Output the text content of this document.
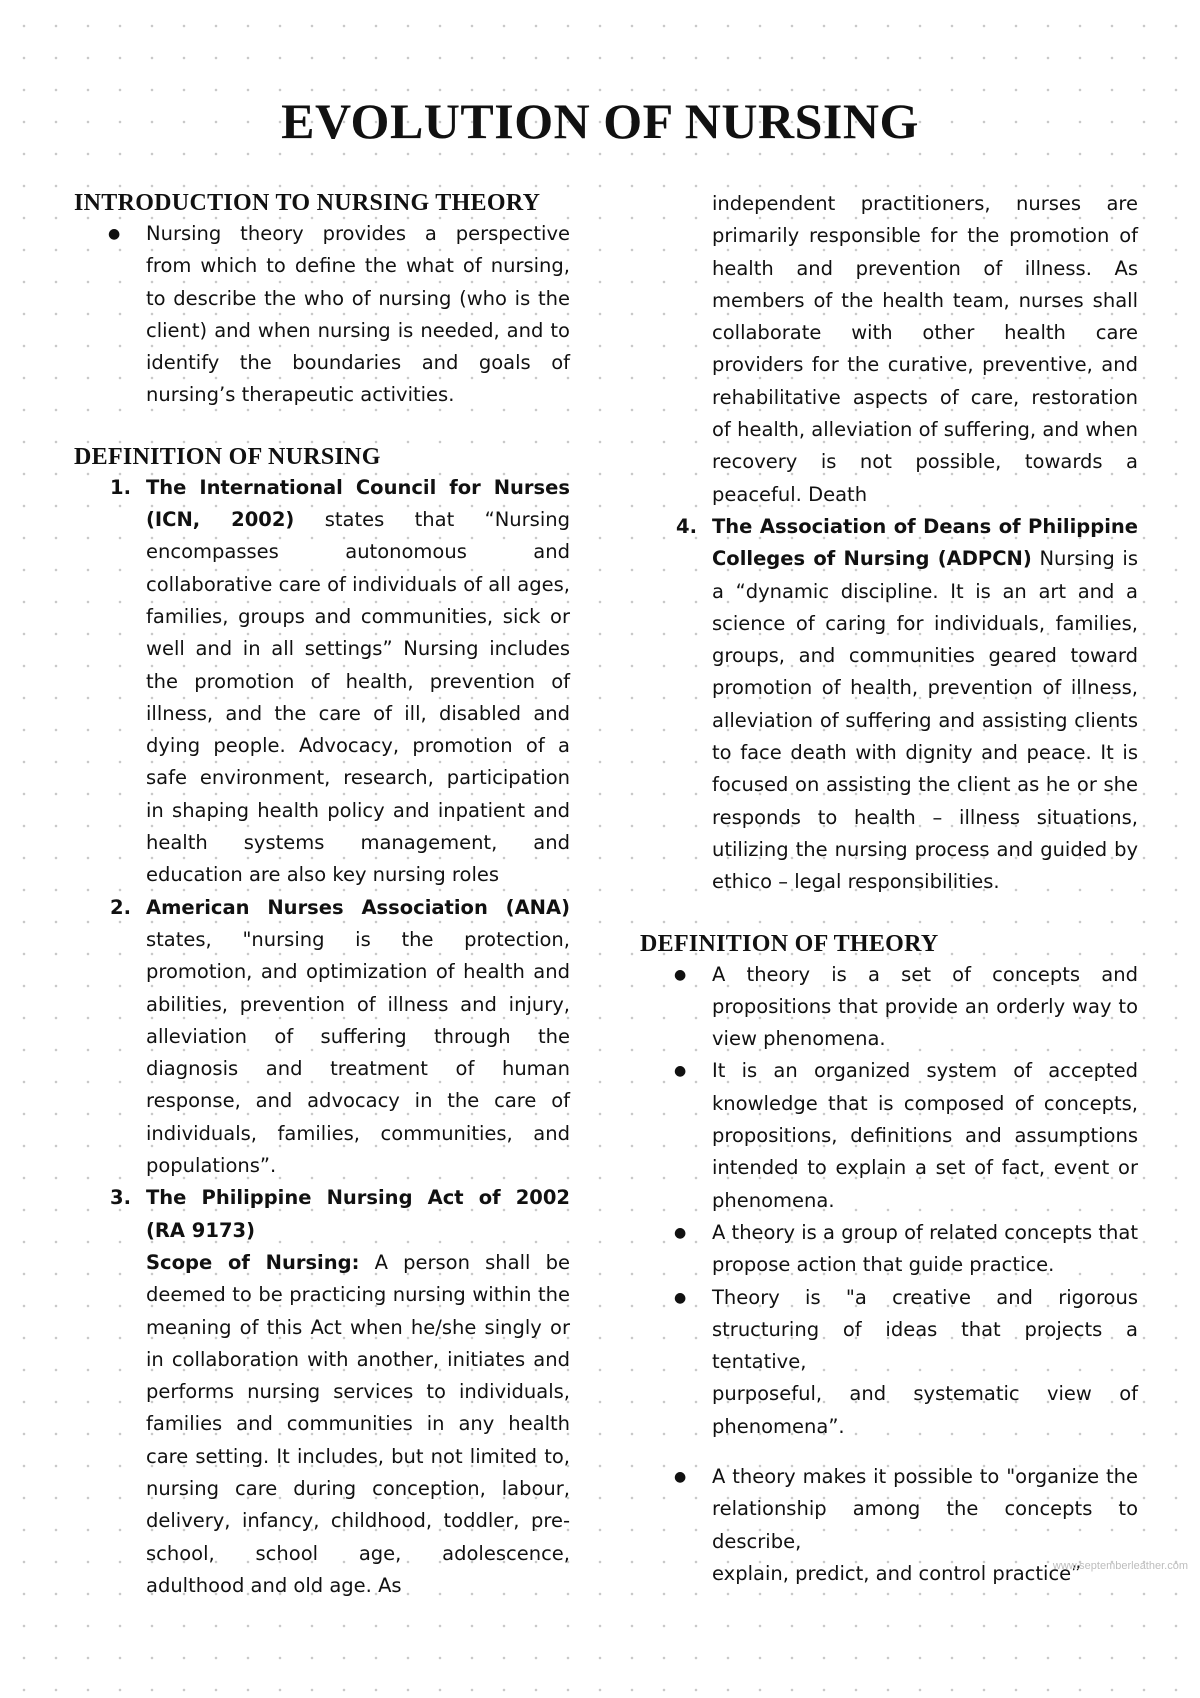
EVOLUTION OF NURSING
INTRODUCTION TO NURSING THEORY
● Nursing theory provides a perspective from which to define the what of nursing, to describe the who of nursing (who is the client) and when nursing is needed, and to identify the boundaries and goals of nursing’s therapeutic activities.
DEFINITION OF NURSING
1. The International Council for Nurses (ICN, 2002) states that “Nursing encompasses autonomous and collaborative care of individuals of all ages, families, groups and communities, sick or well and in all settings” Nursing includes the promotion of health, prevention of illness, and the care of ill, disabled and dying people. Advocacy, promotion of a safe environment, research, participation in shaping health policy and inpatient and health systems management, and education are also key nursing roles
2. American Nurses Association (ANA) states, "nursing is the protection, promotion, and optimization of health and abilities, prevention of illness and injury, alleviation of suffering through the diagnosis and treatment of human response, and advocacy in the care of individuals, families, communities, and populations”.
3. The Philippine Nursing Act of 2002 (RA 9173)
Scope of Nursing: A person shall be deemed to be practicing nursing within the meaning of this Act when he/she singly or in collaboration with another, initiates and performs nursing services to individuals, families and communities in any health care setting. It includes, but not limited to, nursing care during conception, labour, delivery, infancy, childhood, toddler, pre-school, school age, adolescence, adulthood and old age. As

independent practitioners, nurses are primarily responsible for the promotion of health and prevention of illness. As members of the health team, nurses shall collaborate with other health care providers for the curative, preventive, and rehabilitative aspects of care, restoration of health, alleviation of suffering, and when recovery is not possible, towards a peaceful. Death

4. The Association of Deans of Philippine Colleges of Nursing (ADPCN) Nursing is a “dynamic discipline. It is an art and a science of caring for individuals, families, groups, and communities geared toward promotion of health, prevention of illness, alleviation of suffering and assisting clients to face death with dignity and peace. It is focused on assisting the client as he or she responds to health – illness situations, utilizing the nursing process and guided by ethico – legal responsibilities.
DEFINITION OF THEORY
● A theory is a set of concepts and propositions that provide an orderly way to view phenomena.
● It is an organized system of accepted knowledge that is composed of concepts, propositions, definitions and assumptions intended to explain a set of fact, event or phenomena.
● A theory is a group of related concepts that propose action that guide practice.
● Theory is "a creative and rigorous structuring of ideas that projects a tentative,
purposeful, and systematic view of phenomena”.
● A theory makes it possible to "organize the relationship among the concepts to describe,
explain, predict, and control practice”
www.septemberleather.com
